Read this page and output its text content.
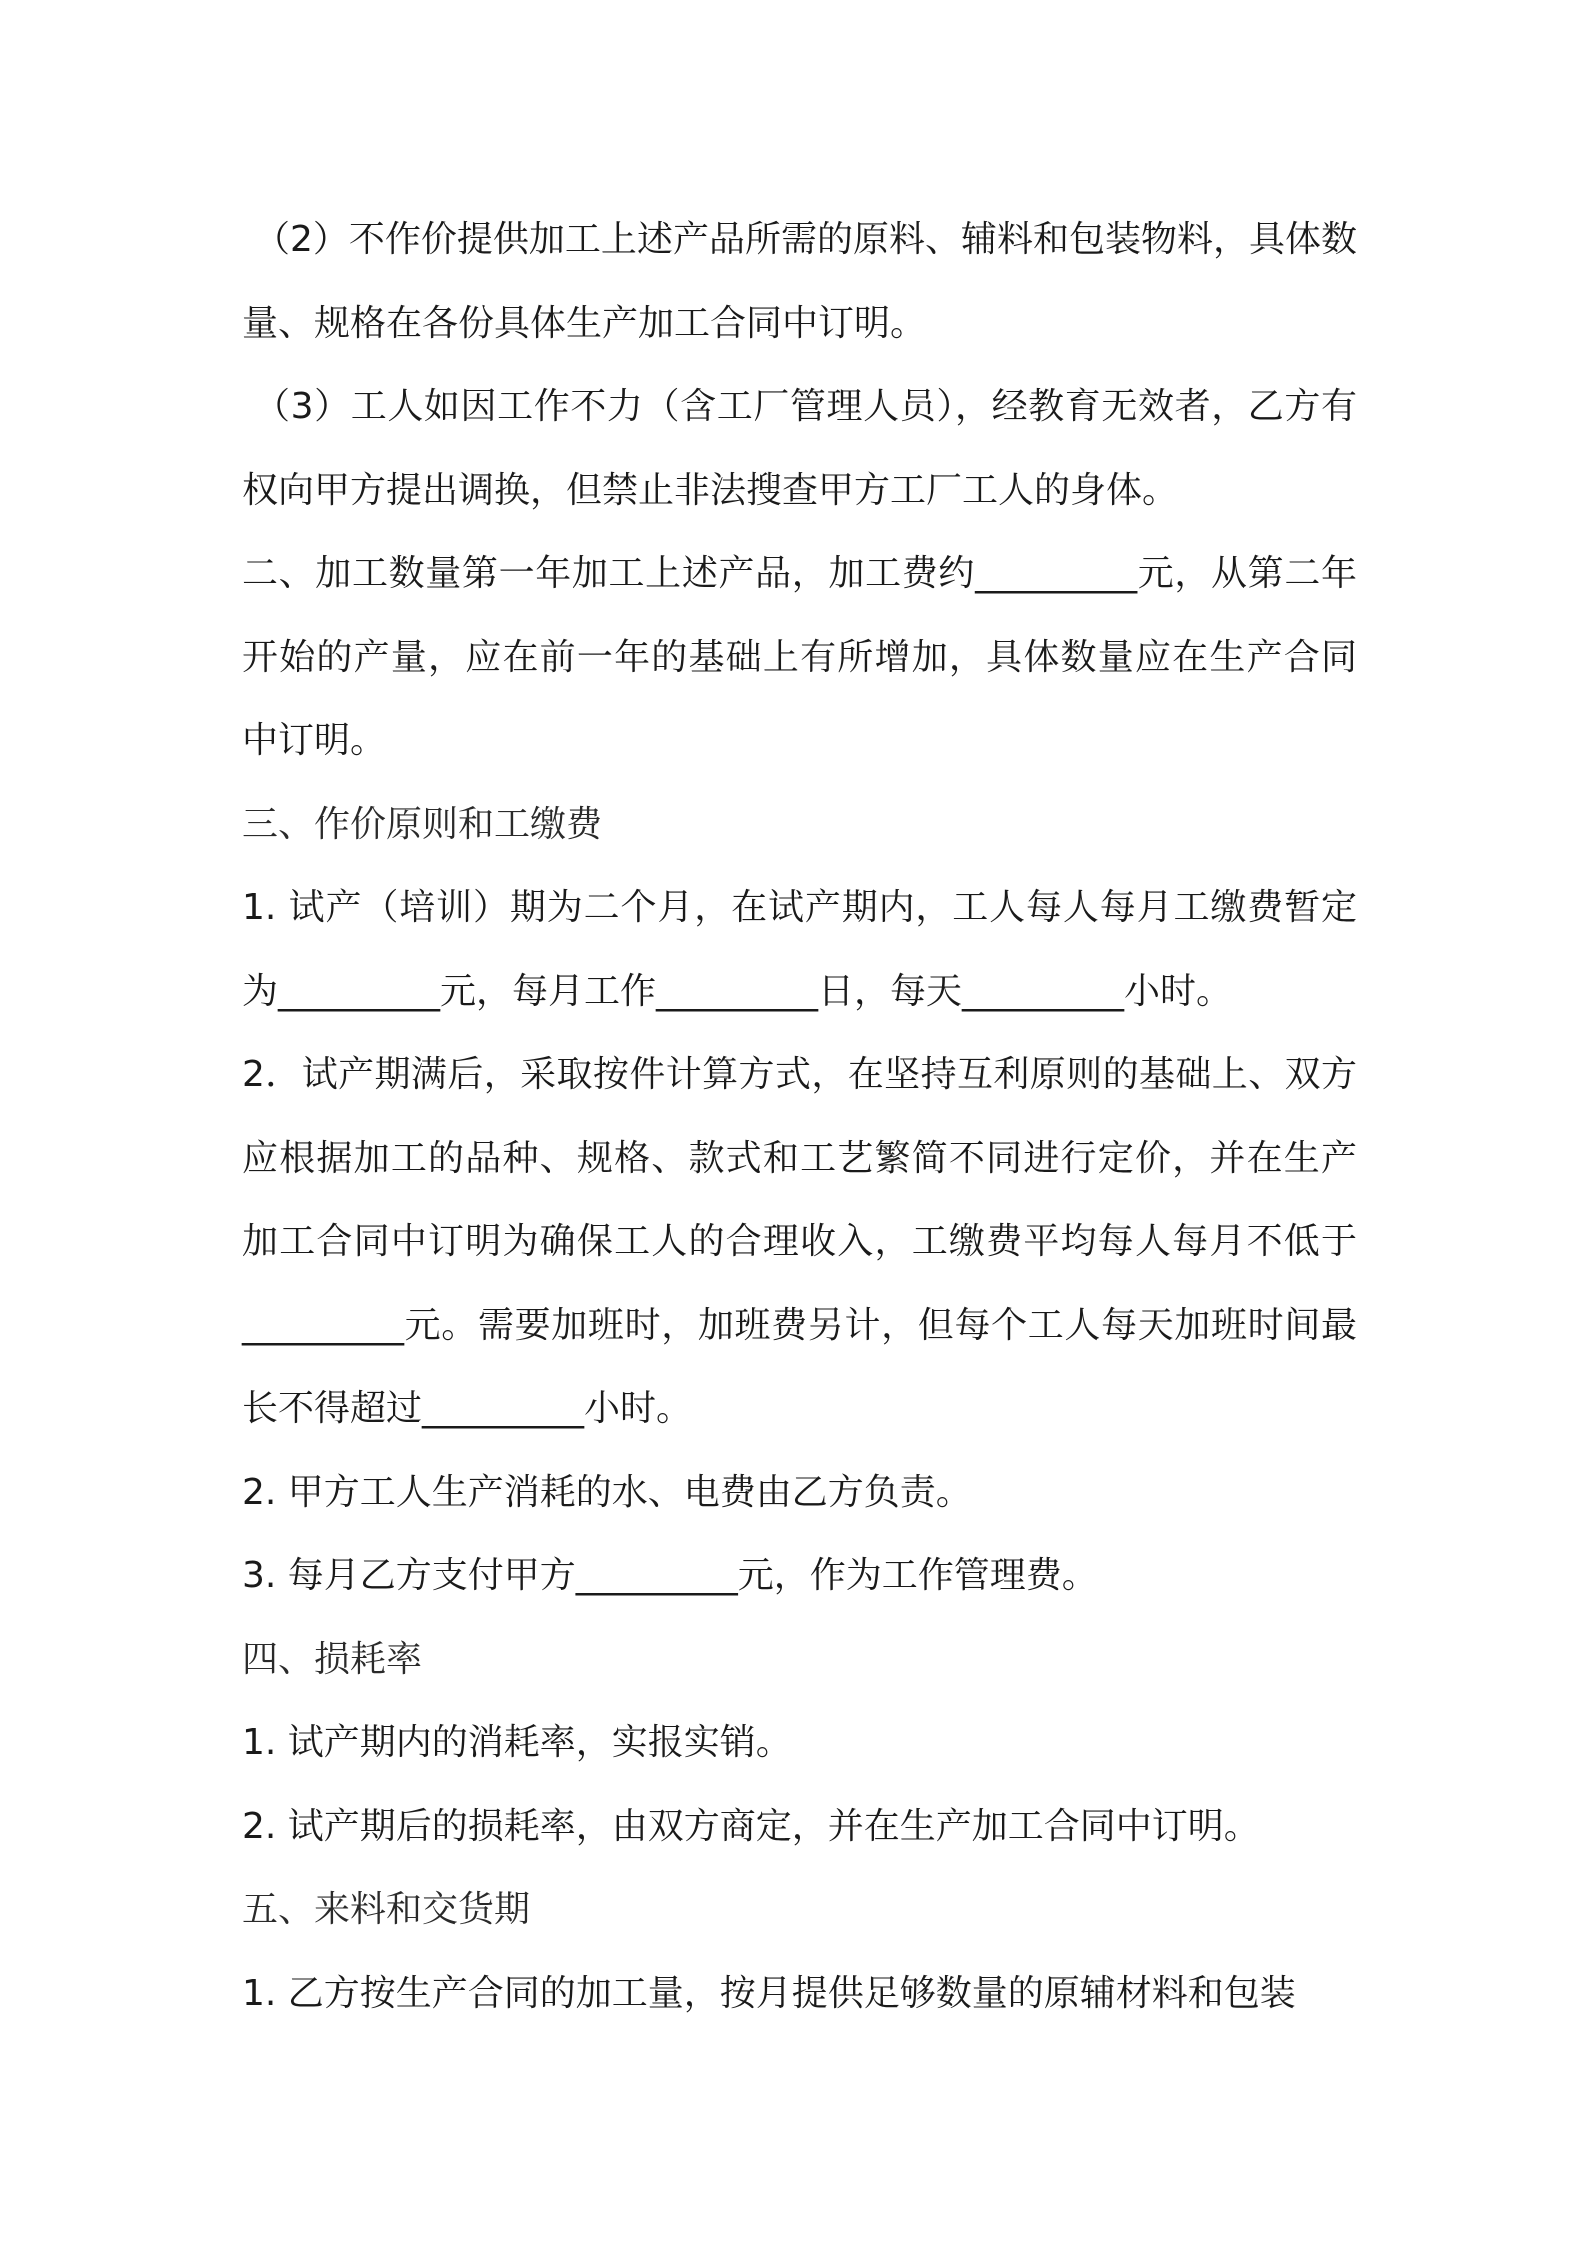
（2）不作价提供加工上述产品所需的原料、辅料和包装物料，具体数量、规格在各份具体生产加工合同中订明。

（3）工人如因工作不力（含工厂管理人员），经教育无效者，乙方有权向甲方提出调换，但禁止非法搜查甲方工厂工人的身体。

二、加工数量第一年加工上述产品，加工费约_________元，从第二年开始的产量，应在前一年的基础上有所增加，具体数量应在生产合同中订明。

三、作价原则和工缴费

1. 试产（培训）期为二个月，在试产期内，工人每人每月工缴费暂定为_________元，每月工作_________日，每天_________小时。

2．试产期满后，采取按件计算方式，在坚持互利原则的基础上、双方应根据加工的品种、规格、款式和工艺繁简不同进行定价，并在生产加工合同中订明为确保工人的合理收入，工缴费平均每人每月不低于_________元。需要加班时，加班费另计，但每个工人每天加班时间最长不得超过_________小时。

2. 甲方工人生产消耗的水、电费由乙方负责。

3. 每月乙方支付甲方_________元，作为工作管理费。

四、损耗率

1. 试产期内的消耗率，实报实销。

2. 试产期后的损耗率，由双方商定，并在生产加工合同中订明。

五、来料和交货期

1. 乙方按生产合同的加工量，按月提供足够数量的原辅材料和包装
